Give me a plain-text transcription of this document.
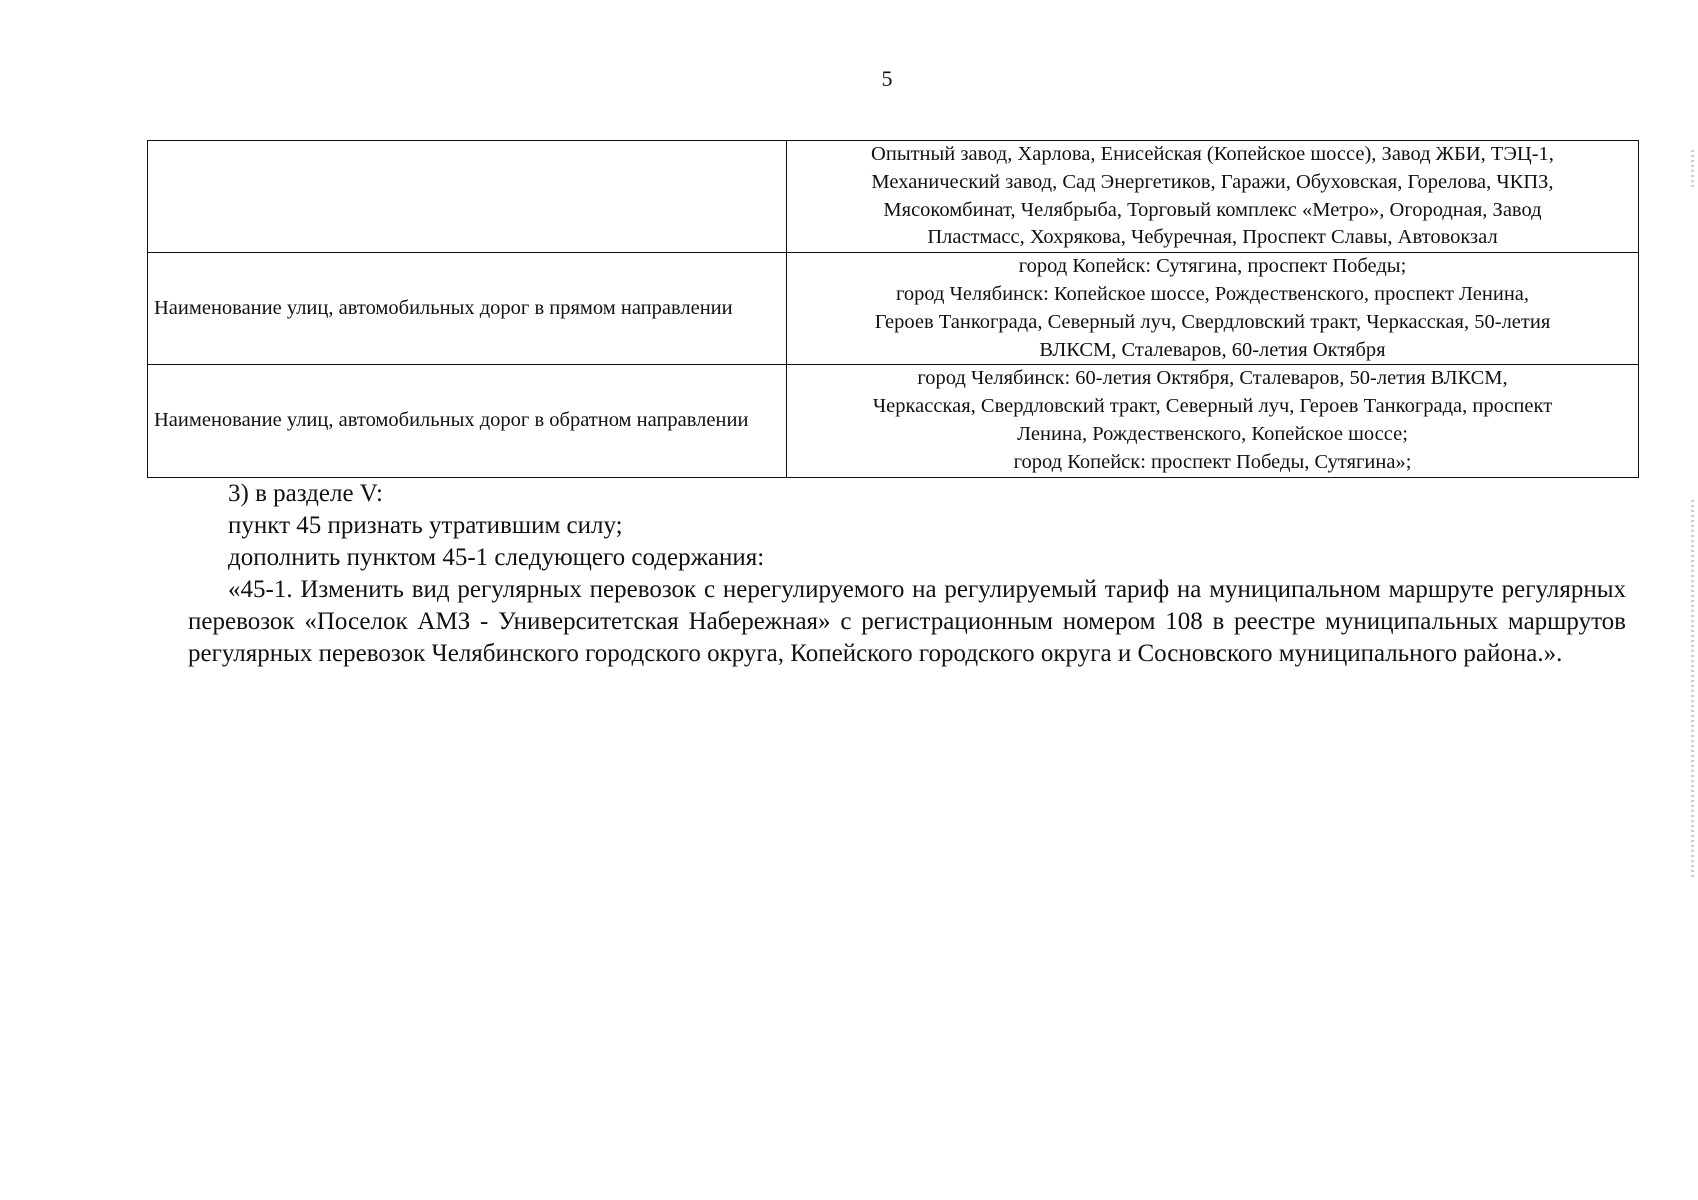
5

	Опытный завод, Харлова, Енисейская (Копейское шоссе), Завод ЖБИ, ТЭЦ-1,
Механический завод, Сад Энергетиков, Гаражи, Обуховская, Горелова, ЧКПЗ,
Мясокомбинат, Челябрыба, Торговый комплекс «Метро», Огородная, Завод
Пластмасс, Хохрякова, Чебуречная, Проспект Славы, Автовокзал

Наименование улиц, автомобильных дорог в прямом направлении	город Копейск: Сутягина, проспект Победы;
город Челябинск: Копейское шоссе, Рождественского, проспект Ленина,
Героев Танкограда, Северный луч, Свердловский тракт, Черкасская, 50-летия
ВЛКСМ, Сталеваров, 60-летия Октября

Наименование улиц, автомобильных дорог в обратном направлении	город Челябинск: 60-летия Октября, Сталеваров, 50-летия ВЛКСМ,
Черкасская, Свердловский тракт, Северный луч, Героев Танкограда, проспект
Ленина, Рождественского, Копейское шоссе;
город Копейск: проспект Победы, Сутягина»;

3) в разделе V:

пункт 45 признать утратившим силу;

дополнить пунктом 45-1 следующего содержания:

«45-1. Изменить вид регулярных перевозок с нерегулируемого на регулируемый тариф на муниципальном маршруте регулярных перевозок «Поселок АМЗ - Университетская Набережная» с регистрационным номером 108 в реестре муниципальных маршрутов регулярных перевозок Челябинского городского округа, Копейского городского округа и Сосновского муниципального района.».
